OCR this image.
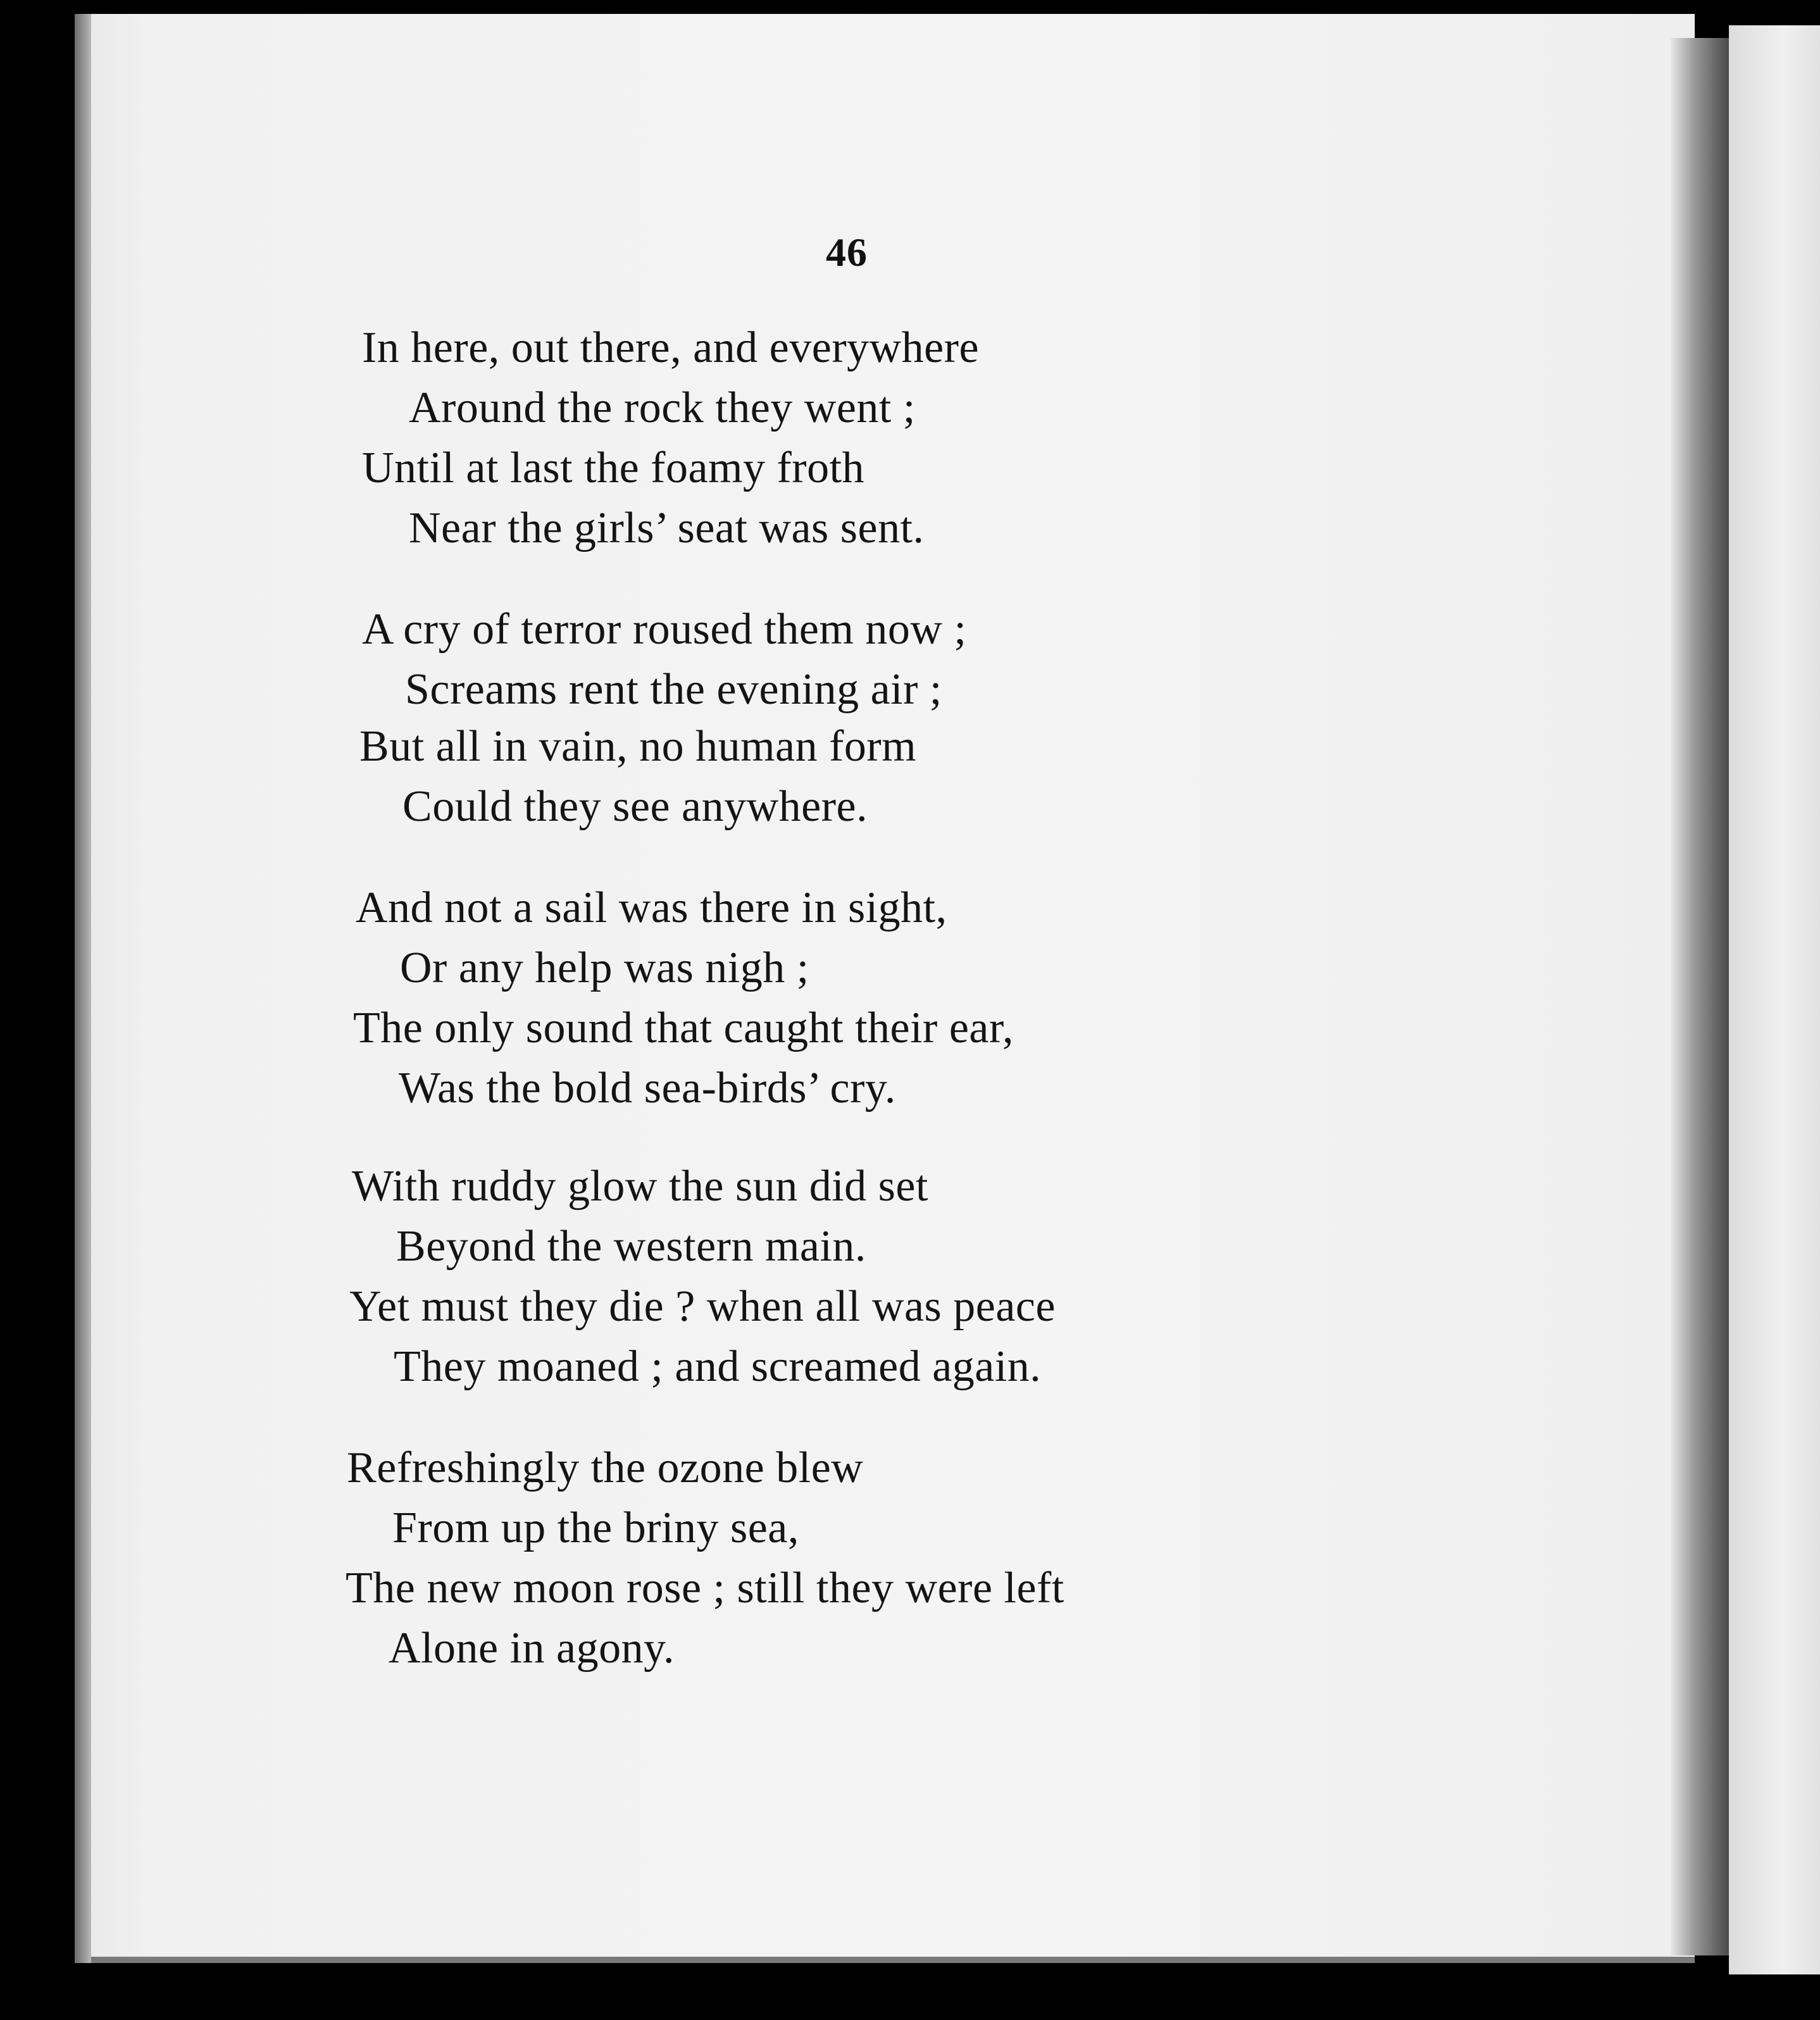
46
In here, out there, and everywhere
Around the rock they went ;
Until at last the foamy froth
Near the girls’ seat was sent.
A cry of terror roused them now ;
Screams rent the evening air ;
But all in vain, no human form
Could they see anywhere.
And not a sail was there in sight,
Or any help was nigh ;
The only sound that caught their ear,
Was the bold sea-birds’ cry.
With ruddy glow the sun did set
Beyond the western main.
Yet must they die ? when all was peace
They moaned ; and screamed again.
Refreshingly the ozone blew
From up the briny sea,
The new moon rose ; still they were left
Alone in agony.
